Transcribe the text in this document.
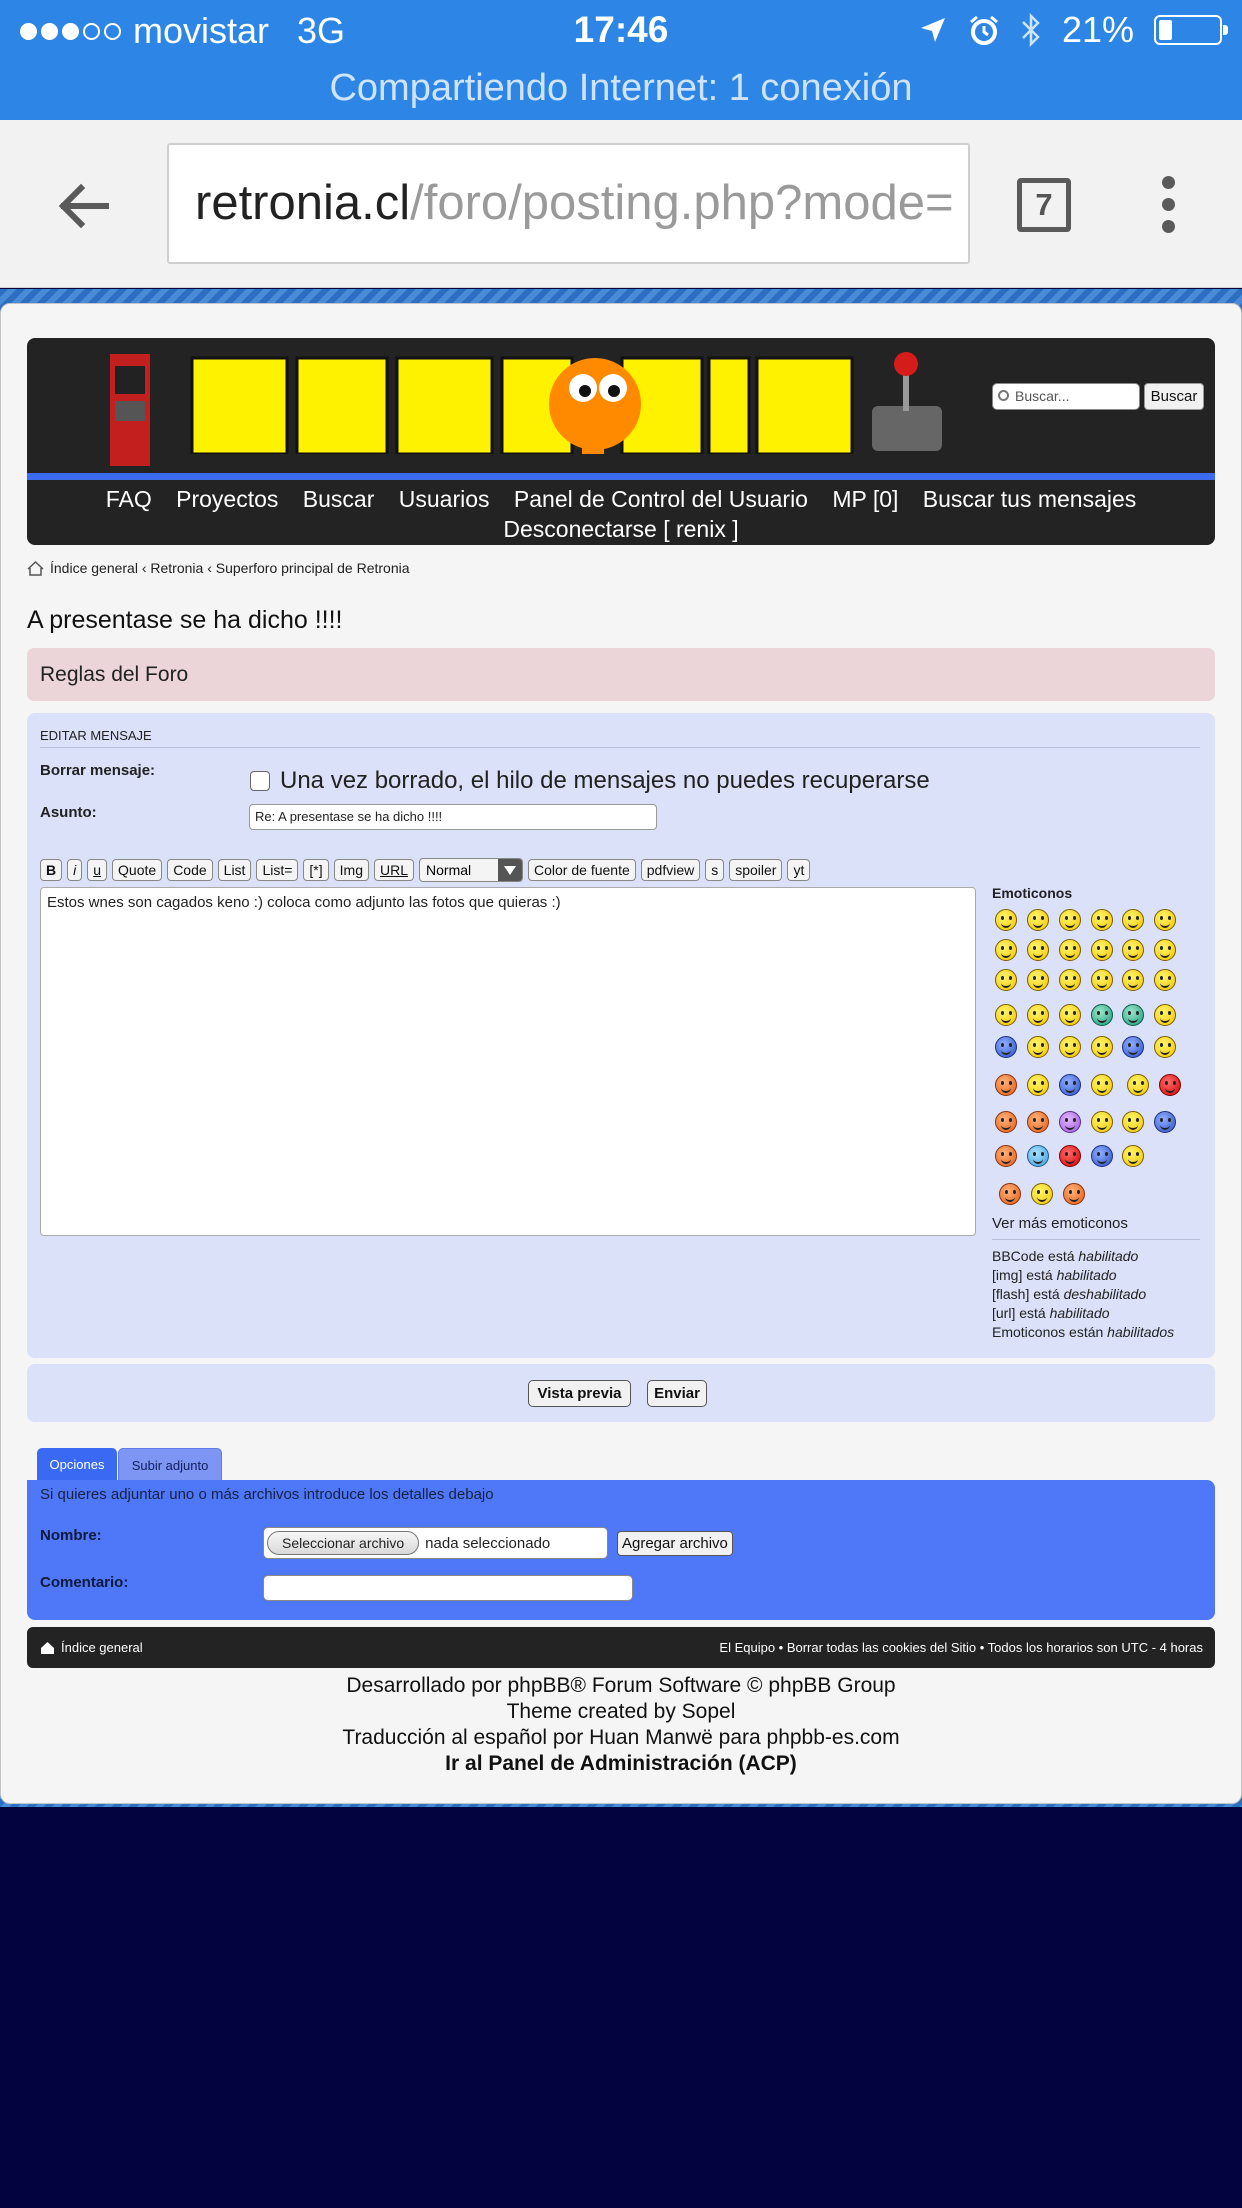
movistar 3G	17:46	21%
Compartiendo Internet: 1 conexión
retronia.cl/foro/posting.php?mode=	7
Buscar...	Buscar
FAQ Proyectos Buscar Usuarios Panel de Control del Usuario MP [0] Buscar tus mensajes
Desconectarse [ renix ]
Índice general ‹ Retronia ‹ Superforo principal de Retronia
A presentase se ha dicho !!!!
Reglas del Foro
EDITAR MENSAJE
Borrar mensaje:	Una vez borrado, el hilo de mensajes no puedes recuperarse
Asunto:	Re: A presentase se ha dicho !!!!
B	i	u	Quote	Code	List	List=	[*]	Img	URL	Normal	Color de fuente	pdfview	s	spoiler	yt
Estos wnes son cagados keno :) coloca como adjunto las fotos que quieras :)
Emoticonos
Ver más emoticonos
BBCode está habilitado
[img] está habilitado
[flash] está deshabilitado
[url] está habilitado
Emoticonos están habilitados
Vista previa	Enviar
Opciones	Subir adjunto
Si quieres adjuntar uno o más archivos introduce los detalles debajo
Nombre:	Seleccionar archivo	nada seleccionado	Agregar archivo
Comentario:
Índice general	El Equipo • Borrar todas las cookies del Sitio • Todos los horarios son UTC - 4 horas
Desarrollado por phpBB® Forum Software © phpBB Group
Theme created by Sopel
Traducción al español por Huan Manwë para phpbb-es.com
Ir al Panel de Administración (ACP)
